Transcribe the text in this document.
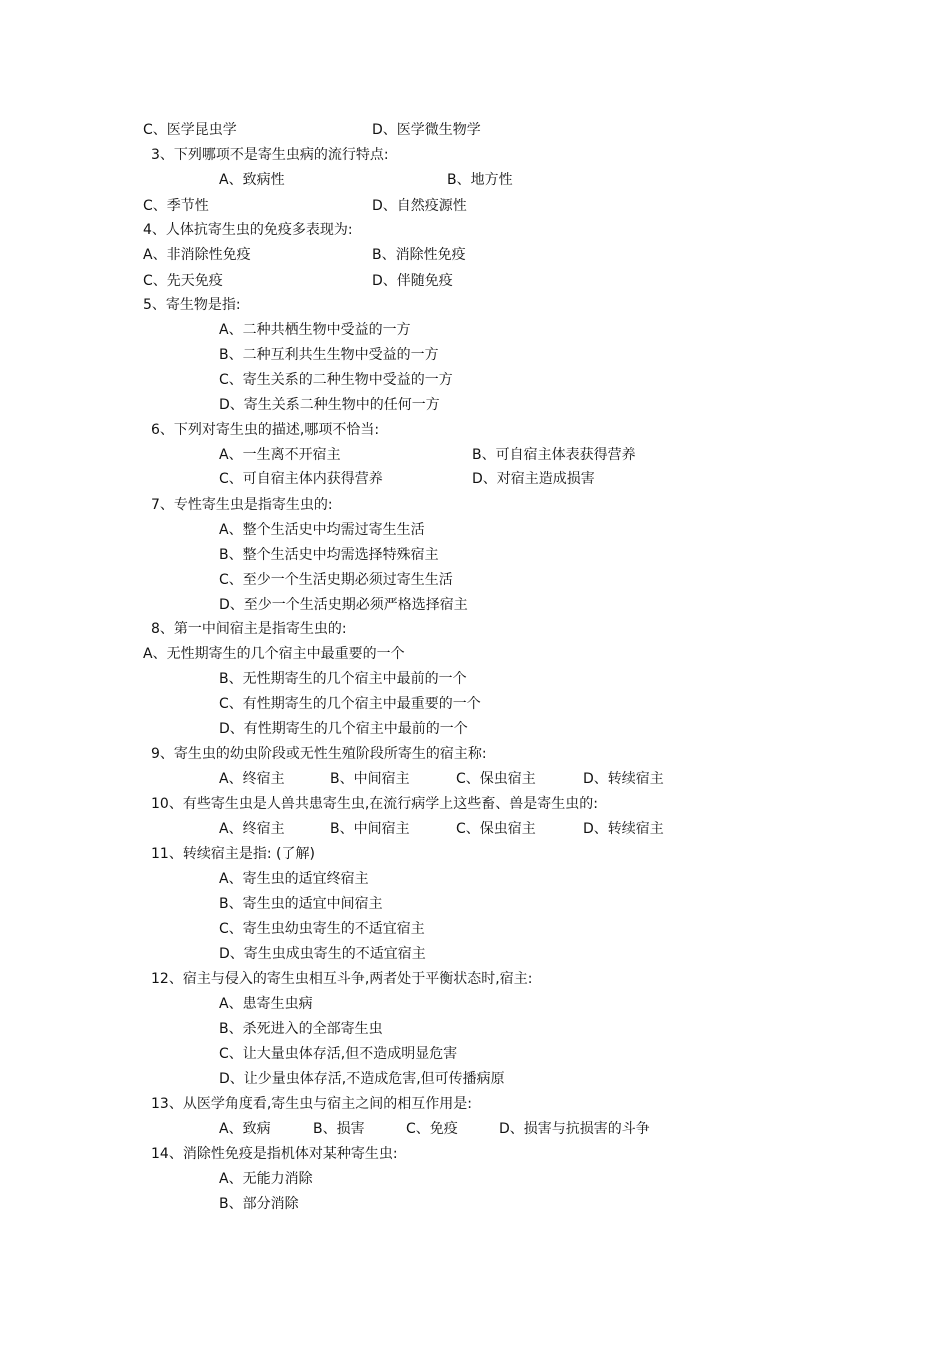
C、医学昆虫学	D、医学微生物学
3、下列哪项不是寄生虫病的流行特点:
A、致病性	B、地方性
C、季节性	D、自然疫源性
4、人体抗寄生虫的免疫多表现为:
A、非消除性免疫	B、消除性免疫
C、先天免疫	D、伴随免疫
5、寄生物是指:
A、二种共栖生物中受益的一方
B、二种互利共生生物中受益的一方
C、寄生关系的二种生物中受益的一方
D、寄生关系二种生物中的任何一方
6、下列对寄生虫的描述,哪项不恰当:
A、一生离不开宿主	B、可自宿主体表获得营养
C、可自宿主体内获得营养	D、对宿主造成损害
7、专性寄生虫是指寄生虫的:
A、整个生活史中均需过寄生生活
B、整个生活史中均需选择特殊宿主
C、至少一个生活史期必须过寄生生活
D、至少一个生活史期必须严格选择宿主
8、第一中间宿主是指寄生虫的:
A、无性期寄生的几个宿主中最重要的一个
B、无性期寄生的几个宿主中最前的一个
C、有性期寄生的几个宿主中最重要的一个
D、有性期寄生的几个宿主中最前的一个
9、寄生虫的幼虫阶段或无性生殖阶段所寄生的宿主称:
A、终宿主	B、中间宿主	C、保虫宿主	D、转续宿主
10、有些寄生虫是人兽共患寄生虫,在流行病学上这些畜、兽是寄生虫的:
A、终宿主	B、中间宿主	C、保虫宿主	D、转续宿主
11、转续宿主是指: (了解)
A、寄生虫的适宜终宿主
B、寄生虫的适宜中间宿主
C、寄生虫幼虫寄生的不适宜宿主
D、寄生虫成虫寄生的不适宜宿主
12、宿主与侵入的寄生虫相互斗争,两者处于平衡状态时,宿主:
A、患寄生虫病
B、杀死进入的全部寄生虫
C、让大量虫体存活,但不造成明显危害
D、让少量虫体存活,不造成危害,但可传播病原
13、从医学角度看,寄生虫与宿主之间的相互作用是:
A、致病	B、损害	C、免疫	D、损害与抗损害的斗争
14、消除性免疫是指机体对某种寄生虫:
A、无能力消除
B、部分消除
